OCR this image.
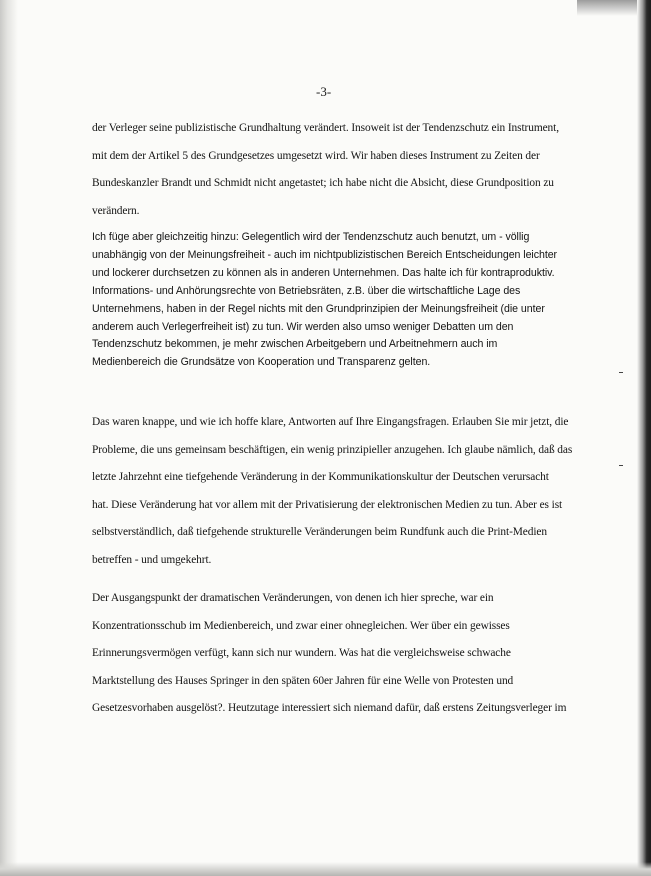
-3-
der Verleger seine publizistische Grundhaltung verändert. Insoweit ist der Tendenzschutz ein Instrument,
mit dem der Artikel 5 des Grundgesetzes umgesetzt wird. Wir haben dieses Instrument zu Zeiten der
Bundeskanzler Brandt und Schmidt nicht angetastet; ich habe nicht die Absicht, diese Grundposition zu
verändern.
Ich füge aber gleichzeitig hinzu: Gelegentlich wird der Tendenzschutz auch benutzt, um - völlig
unabhängig von der Meinungsfreiheit - auch im nichtpublizistischen Bereich Entscheidungen leichter
und lockerer durchsetzen zu können als in anderen Unternehmen. Das halte ich für kontraproduktiv.
Informations- und Anhörungsrechte von Betriebsräten, z.B. über die wirtschaftliche Lage des
Unternehmens, haben in der Regel nichts mit den Grundprinzipien der Meinungsfreiheit (die unter
anderem auch Verlegerfreiheit ist) zu tun. Wir werden also umso weniger Debatten um den
Tendenzschutz bekommen, je mehr zwischen Arbeitgebern und Arbeitnehmern auch im
Medienbereich die Grundsätze von Kooperation und Transparenz gelten.
Das waren knappe, und wie ich hoffe klare, Antworten auf Ihre Eingangsfragen. Erlauben Sie mir jetzt, die
Probleme, die uns gemeinsam beschäftigen, ein wenig prinzipieller anzugehen. Ich glaube nämlich, daß das
letzte Jahrzehnt eine tiefgehende Veränderung in der Kommunikationskultur der Deutschen verursacht
hat. Diese Veränderung hat vor allem mit der Privatisierung der elektronischen Medien zu tun. Aber es ist
selbstverständlich, daß tiefgehende strukturelle Veränderungen beim Rundfunk auch die Print-Medien
betreffen - und umgekehrt.
Der Ausgangspunkt der dramatischen Veränderungen, von denen ich hier spreche, war ein
Konzentrationsschub im Medienbereich, und zwar einer ohnegleichen. Wer über ein gewisses
Erinnerungsvermögen verfügt, kann sich nur wundern. Was hat die vergleichsweise schwache
Marktstellung des Hauses Springer in den späten 60er Jahren für eine Welle von Protesten und
Gesetzesvorhaben ausgelöst?. Heutzutage interessiert sich niemand dafür, daß erstens Zeitungsverleger im
